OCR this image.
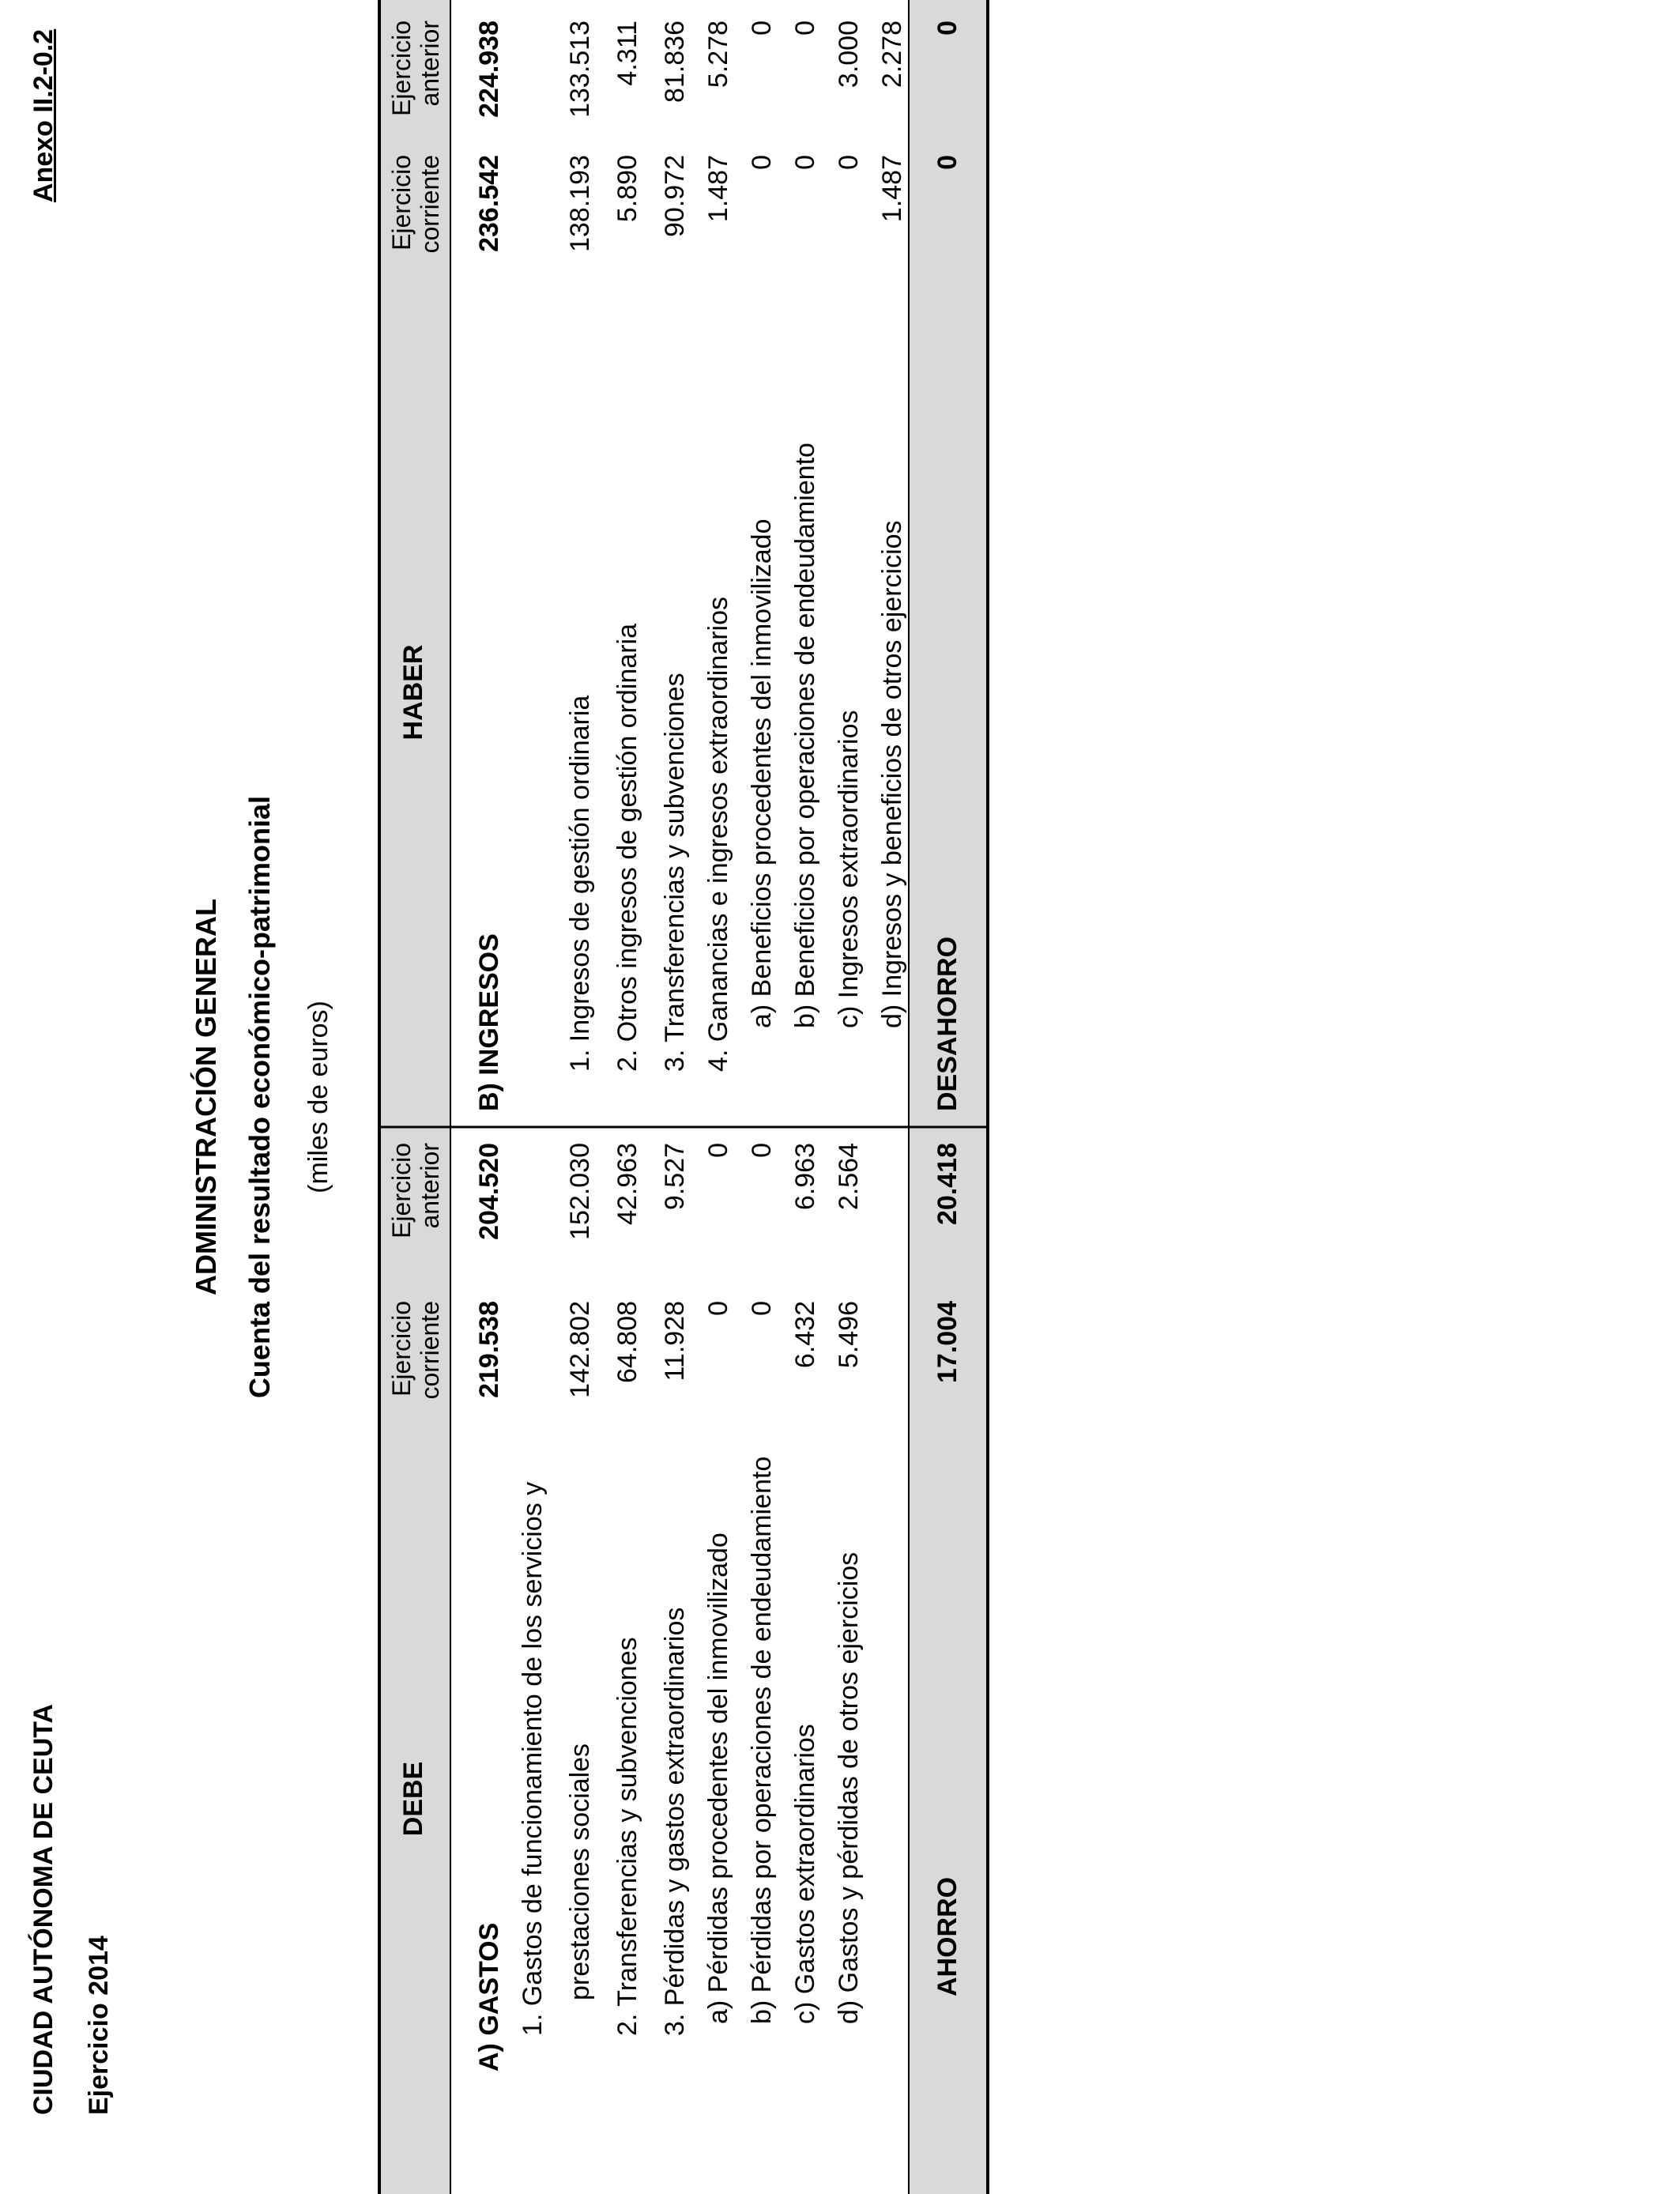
CIUDAD AUTÓNOMA DE CEUTA Ejercicio 2014
Anexo II.2-0.2
ADMINISTRACIÓN GENERAL Cuenta del resultado económico-patrimonial (miles de euros)
DEBE
Ejercicio corriente
Ejercicio anterior
HABER
Ejercicio corriente
Ejercicio anterior
A) GASTOS
219.538
204.520
1. Gastos de funcionamiento de los servicios y prestaciones sociales
142.802
152.030
2. Transferencias y subvenciones
64.808
42.963
3. Pérdidas y gastos extraordinarios
11.928
9.527
a) Pérdidas procedentes del inmovilizado
0
0
b) Pérdidas por operaciones de endeudamiento
0
0
c) Gastos extraordinarios
6.432
6.963
d) Gastos y pérdidas de otros ejercicios
5.496
2.564
AHORRO
17.004
20.418
B) INGRESOS
236.542
224.938
1. Ingresos de gestión ordinaria
138.193
133.513
2. Otros ingresos de gestión ordinaria
5.890
4.311
3. Transferencias y subvenciones
90.972
81.836
4. Ganancias e ingresos extraordinarios
1.487
5.278
a) Beneficios procedentes del inmovilizado
0
0
b) Beneficios por operaciones de endeudamiento
0
0
c) Ingresos extraordinarios
0
3.000
d) Ingresos y beneficios de otros ejercicios
1.487
2.278
DESAHORRO
0
0
